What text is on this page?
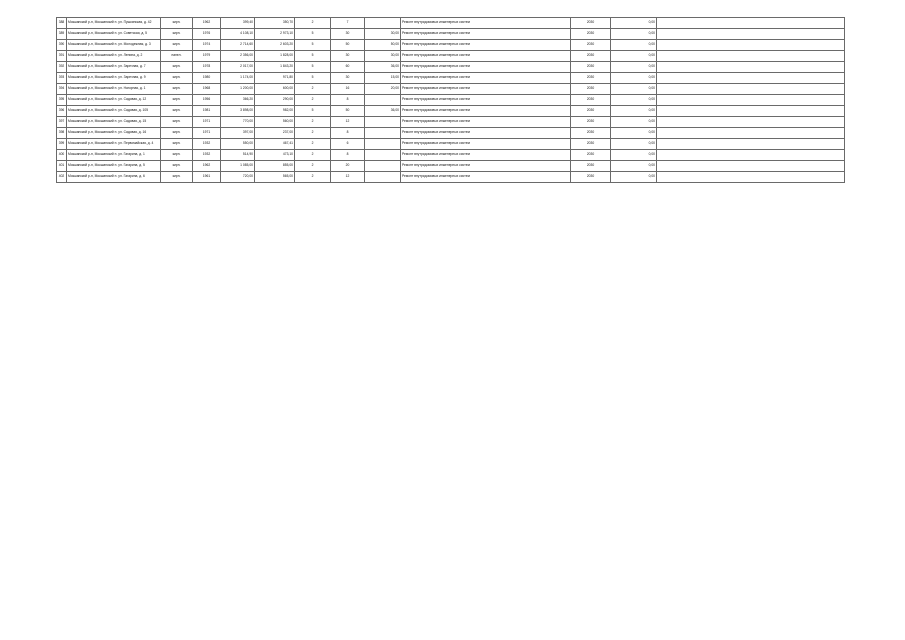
388	Мокшанский р-н, Мокшанский п. ул. Пушкинская, д. 42	кирп.	1962	399,40	350,70	2	7		Ремонт внутридомовых инженерных систем	2030	0,00	
389	Мокшанский р-н, Мокшанский п. ул. Советская, д. 5	кирп.	1976	4 108,10	2 973,10	5	30	30,00	Ремонт внутридомовых инженерных систем	2030	0,00	
390	Мокшанский р-н, Мокшанский п. ул. Молодежная, д. 3	кирп.	1974	2 714,60	2 603,20	5	50	50,00	Ремонт внутридомовых инженерных систем	2030	0,00	
391	Мокшанский р-н, Мокшанский п. ул. Ленина, д. 2	панел.	1979	2 356,00	1 828,00	5	30	30,00	Ремонт внутридомовых инженерных систем	2030	0,00	
392	Мокшанский р-н, Мокшанский п. ул. Заречная, д. 7	кирп.	1978	2 017,00	1 843,20	5	60	36,00	Ремонт внутридомовых инженерных систем	2030	0,00	
393	Мокшанский р-н, Мокшанский п. ул. Заречная, д. 9	кирп.	1980	1 174,00	971,80	5	30	15,00	Ремонт внутридомовых инженерных систем	2030	0,00	
394	Мокшанский р-н, Мокшанский п. ул. Нагорная, д. 1	кирп.	1968	1 200,00	600,00	2	16	20,00	Ремонт внутридомовых инженерных систем	2030	0,00	
395	Мокшанский р-н, Мокшанский п. ул. Садовая, д. 12	кирп.	1956	366,20	290,00	2	8		Ремонт внутридомовых инженерных систем	2030	0,00	
396	Мокшанский р-н, Мокшанский п. ул. Садовая, д. 105	кирп.	1981	3 898,00	982,00	5	50	36,00	Ремонт внутридомовых инженерных систем	2030	0,00	
397	Мокшанский р-н, Мокшанский п. ул. Садовая, д. 15	кирп.	1971	770,00	560,00	2	12		Ремонт внутридомовых инженерных систем	2030	0,00	
398	Мокшанский р-н, Мокшанский п. ул. Садовая, д. 16	кирп.	1971	397,00	237,00	2	8		Ремонт внутридомовых инженерных систем	2030	0,00	
399	Мокшанский р-н, Мокшанский п. ул. Первомайская, д. 4	кирп.	1932	550,00	467,41	2	6		Ремонт внутридомовых инженерных систем	2030	0,00	
400	Мокшанский р-н, Мокшанский п. ул. Гагарина, д. 1	кирп.	1932	514,90	473,10	2	8		Ремонт внутридомовых инженерных систем	2030	0,00	
401	Мокшанский р-н, Мокшанский п. ул. Гагарина, д. 5	кирп.	1962	1 085,00	855,00	2	20		Ремонт внутридомовых инженерных систем	2030	0,00	
402	Мокшанский р-н, Мокшанский п. ул. Гагарина, д. 6	кирп.	1961	720,00	565,00	2	12		Ремонт внутридомовых инженерных систем	2030	0,00	
